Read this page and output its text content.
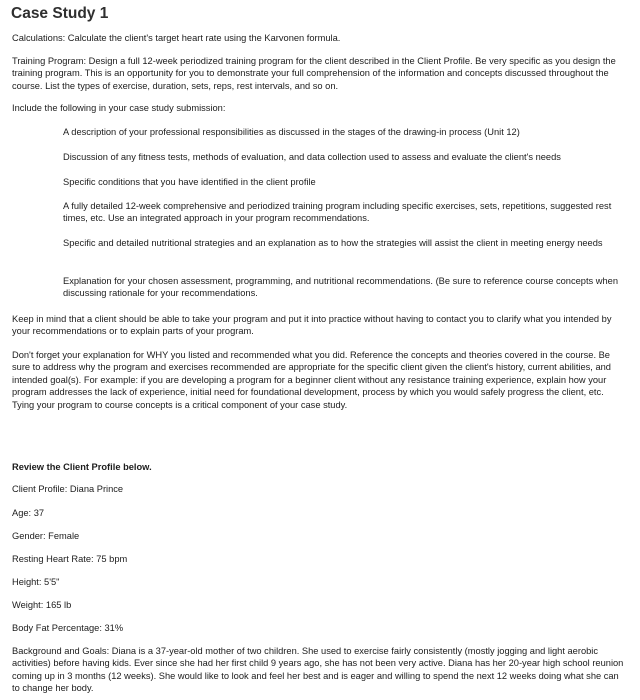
Case Study 1

Calculations: Calculate the client's target heart rate using the Karvonen formula.

Training Program: Design a full 12-week periodized training program for the client described in the Client Profile. Be very specific as you design the training program. This is an opportunity for you to demonstrate your full comprehension of the information and concepts discussed throughout the course. List the types of exercise, duration, sets, reps, rest intervals, and so on.

Include the following in your case study submission:

A description of your professional responsibilities as discussed in the stages of the drawing-in process (Unit 12)

Discussion of any fitness tests, methods of evaluation, and data collection used to assess and evaluate the client's needs

Specific conditions that you have identified in the client profile

A fully detailed 12-week comprehensive and periodized training program including specific exercises, sets, repetitions, suggested rest times, etc. Use an integrated approach in your program recommendations.

Specific and detailed nutritional strategies and an explanation as to how the strategies will assist the client in meeting energy needs

Explanation for your chosen assessment, programming, and nutritional recommendations. (Be sure to reference course concepts when discussing rationale for your recommendations.

Keep in mind that a client should be able to take your program and put it into practice without having to contact you to clarify what you intended by your recommendations or to explain parts of your program.

Don't forget your explanation for WHY you listed and recommended what you did. Reference the concepts and theories covered in the course. Be sure to address why the program and exercises recommended are appropriate for the specific client given the client's history, current abilities, and intended goal(s). For example: if you are developing a program for a beginner client without any resistance training experience, explain how your program addresses the lack of experience, initial need for foundational development, process by which you would safely progress the client, etc. Tying your program to course concepts is a critical component of your case study.

Review the Client Profile below.

Client Profile: Diana Prince

Age: 37

Gender: Female

Resting Heart Rate: 75 bpm

Height: 5'5"

Weight: 165 lb

Body Fat Percentage: 31%

Background and Goals: Diana is a 37-year-old mother of two children. She used to exercise fairly consistently (mostly jogging and light aerobic activities) before having kids. Ever since she had her first child 9 years ago, she has not been very active. Diana has her 20-year high school reunion coming up in 3 months (12 weeks). She would like to look and feel her best and is eager and willing to spend the next 12 weeks doing what she can to change her body.
